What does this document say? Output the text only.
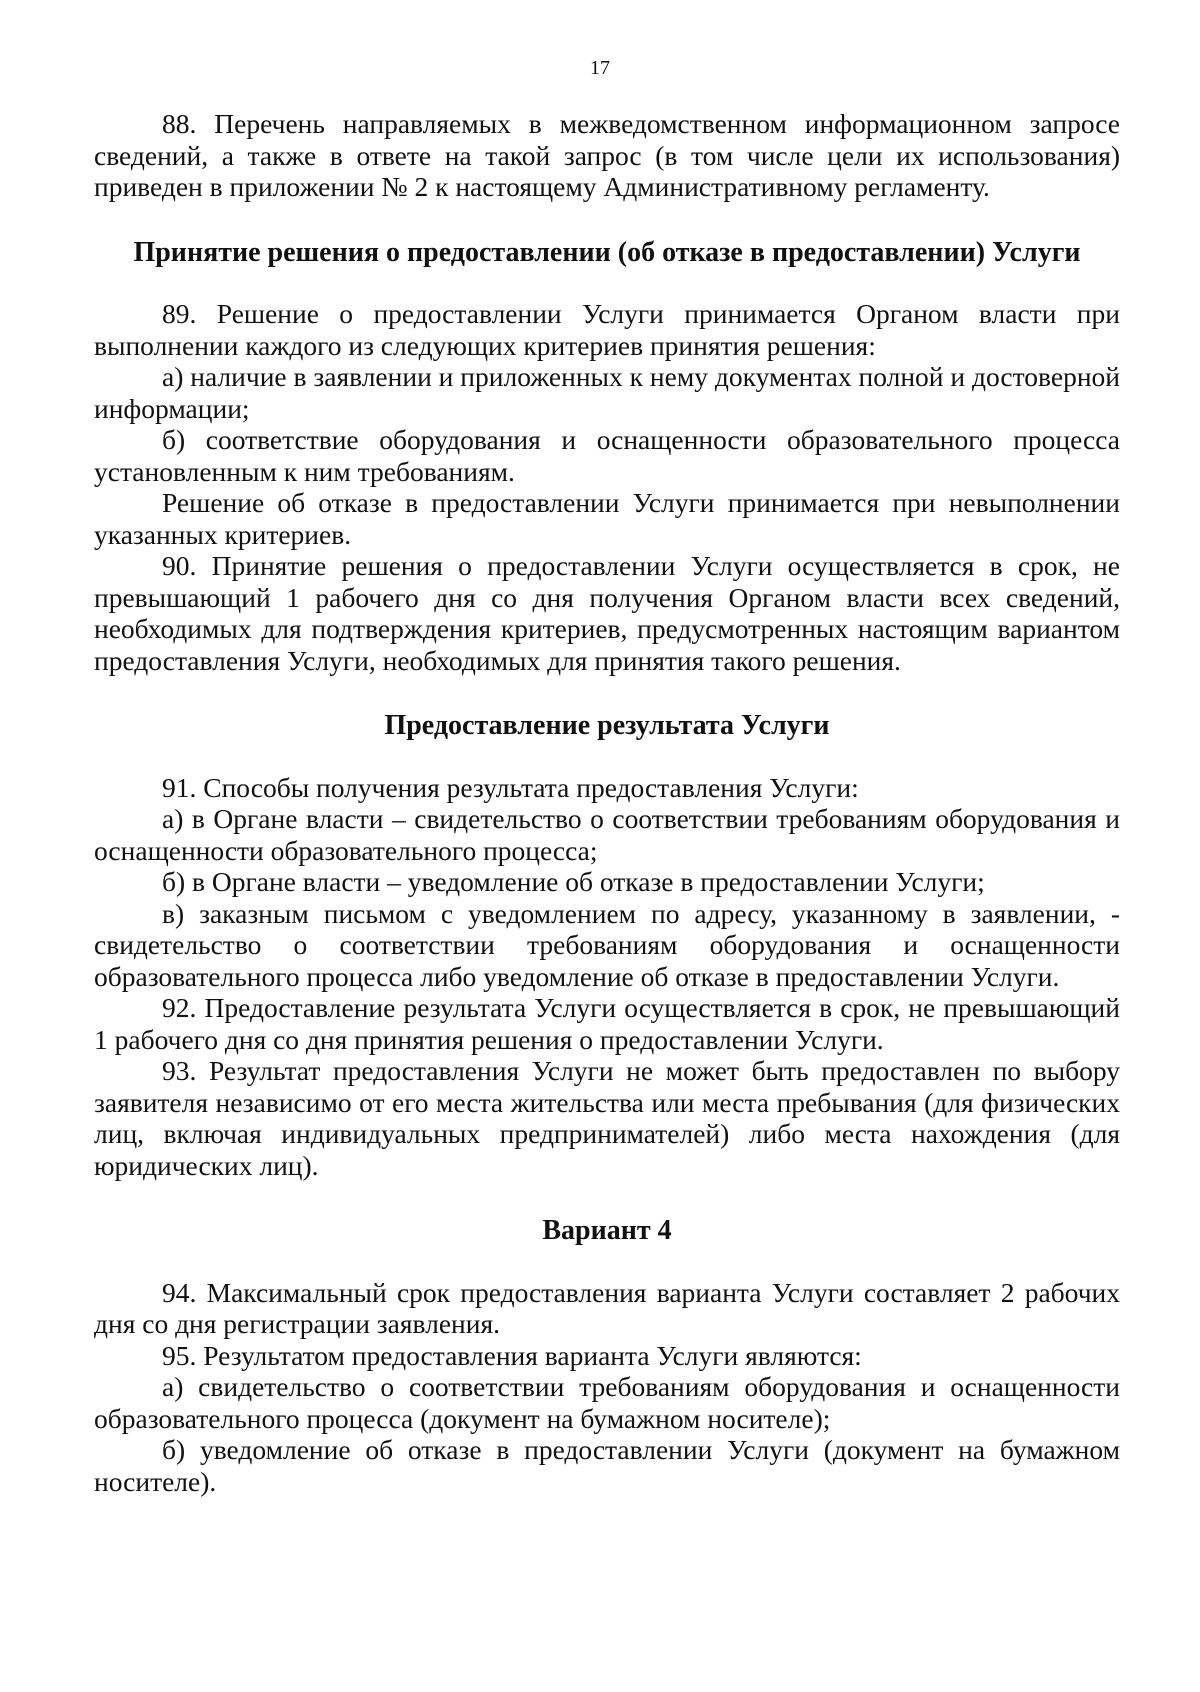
17

88. Перечень направляемых в межведомственном информационном запросе сведений, а также в ответе на такой запрос (в том числе цели их использования) приведен в приложении № 2 к настоящему Административному регламенту.

Принятие решения о предоставлении (об отказе в предоставлении) Услуги

89. Решение о предоставлении Услуги принимается Органом власти при выполнении каждого из следующих критериев принятия решения:

а) наличие в заявлении и приложенных к нему документах полной и достоверной информации;

б) соответствие оборудования и оснащенности образовательного процесса установленным к ним требованиям.

Решение об отказе в предоставлении Услуги принимается при невыполнении указанных критериев.

90. Принятие решения о предоставлении Услуги осуществляется в срок, не превышающий 1 рабочего дня со дня получения Органом власти всех сведений, необходимых для подтверждения критериев, предусмотренных настоящим вариантом предоставления Услуги, необходимых для принятия такого решения.

Предоставление результата Услуги

91. Способы получения результата предоставления Услуги:

а) в Органе власти – свидетельство о соответствии требованиям оборудования и оснащенности образовательного процесса;

б) в Органе власти – уведомление об отказе в предоставлении Услуги;

в) заказным письмом с уведомлением по адресу, указанному в заявлении, - свидетельство о соответствии требованиям оборудования и оснащенности образовательного процесса либо уведомление об отказе в предоставлении Услуги.

92. Предоставление результата Услуги осуществляется в срок, не превышающий 1 рабочего дня со дня принятия решения о предоставлении Услуги.

93. Результат предоставления Услуги не может быть предоставлен по выбору заявителя независимо от его места жительства или места пребывания (для физических лиц, включая индивидуальных предпринимателей) либо места нахождения (для юридических лиц).

Вариант 4

94. Максимальный срок предоставления варианта Услуги составляет 2 рабочих дня со дня регистрации заявления.

95. Результатом предоставления варианта Услуги являются:

а) свидетельство о соответствии требованиям оборудования и оснащенности образовательного процесса (документ на бумажном носителе);

б) уведомление об отказе в предоставлении Услуги (документ на бумажном носителе).
